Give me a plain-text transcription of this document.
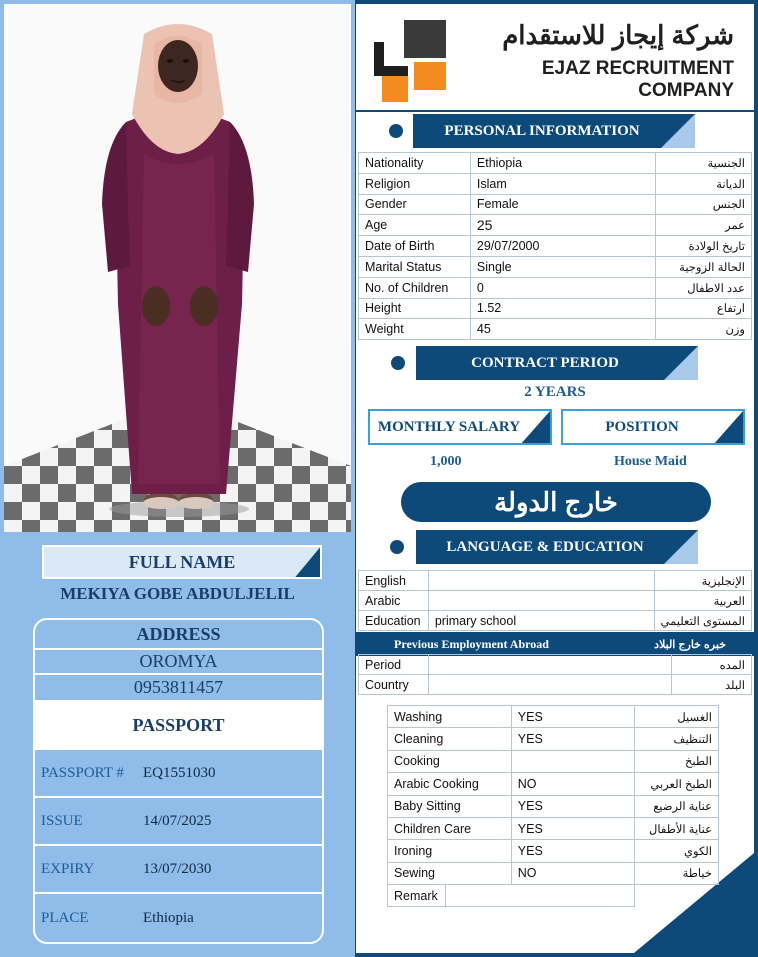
FULL NAME
MEKIYA GOBE ABDULJELIL
ADDRESS
OROMYA
0953811457
PASSPORT
PASSPORT #	EQ1551030
ISSUE	14/07/2025
EXPIRY	13/07/2030
PLACE	Ethiopia
شركة إيجاز للاستقدام
EJAZ RECRUITMENT COMPANY
PERSONAL INFORMATION
Nationality	Ethiopia	الجنسية
Religion	Islam	الديانة
Gender	Female	الجنس
Age	25	عمر
Date of Birth	29/07/2000	تاريخ الولادة
Marital Status	Single	الحالة الزوجية
No. of Children	0	عدد الاطفال
Height	1.52	ارتفاع
Weight	45	وزن
CONTRACT PERIOD
2 YEARS
MONTHLY SALARY	POSITION
1,000	House Maid
خارج الدولة
LANGUAGE & EDUCATION
English		الإنجليزية
Arabic		العربية
Education	primary school	المستوى التعليمي
Previous Employment Abroad	خبره خارج البلاد
Period		المده
Country		البلد
Washing	YES	الغسيل
Cleaning	YES	التنظيف
Cooking		الطبخ
Arabic Cooking	NO	الطبخ العربي
Baby Sitting	YES	عناية الرضيع
Children Care	YES	عناية الأطفال
Ironing	YES	الكوي
Sewing	NO	خياطة
Remark	
